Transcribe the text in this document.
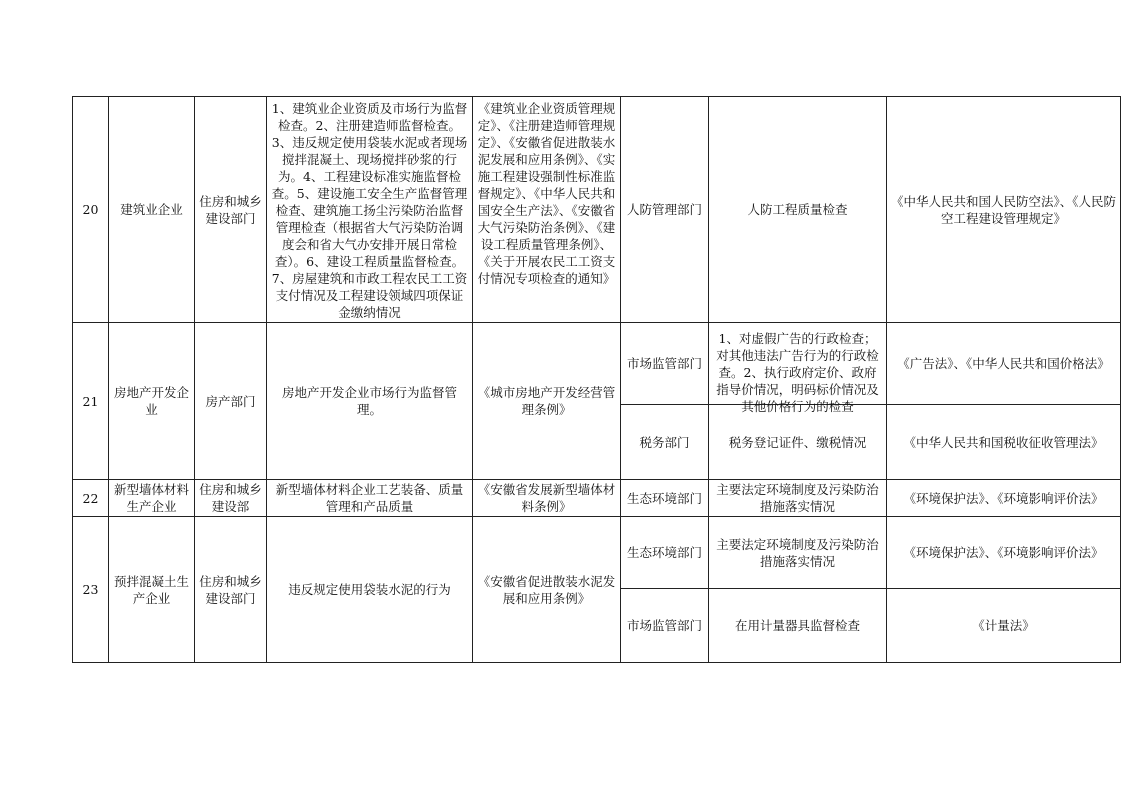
20	建筑业企业	住房和城乡建设部门	1、建筑业企业资质及市场行为监督检查。2、注册建造师监督检查。3、违反规定使用袋装水泥或者现场搅拌混凝土、现场搅拌砂浆的行为。4、工程建设标准实施监督检查。5、建设施工安全生产监督管理检查、建筑施工扬尘污染防治监督管理检查（根据省大气污染防治调度会和省大气办安排开展日常检查）。6、建设工程质量监督检查。7、房屋建筑和市政工程农民工工资支付情况及工程建设领域四项保证金缴纳情况	《建筑业企业资质管理规定》、《注册建造师管理规定》、《安徽省促进散装水泥发展和应用条例》、《实施工程建设强制性标准监督规定》、《中华人民共和国安全生产法》、《安徽省大气污染防治条例》、《建设工程质量管理条例》、《关于开展农民工工资支付情况专项检查的通知》	人防管理部门	人防工程质量检查	《中华人民共和国人民防空法》、《人民防空工程建设管理规定》
21	房地产开发企业	房产部门	房地产开发企业市场行为监督管理。	《城市房地产开发经营管理条例》	市场监管部门	1、对虚假广告的行政检查；对其他违法广告行为的行政检查。2、执行政府定价、政府指导价情况，明码标价情况及其他价格行为的检查	《广告法》、《中华人民共和国价格法》
					税务部门	税务登记证件、缴税情况	《中华人民共和国税收征收管理法》
22	新型墙体材料生产企业	住房和城乡建设部	新型墙体材料企业工艺装备、质量管理和产品质量	《安徽省发展新型墙体材料条例》	生态环境部门	主要法定环境制度及污染防治措施落实情况	《环境保护法》、《环境影响评价法》
23	预拌混凝土生产企业	住房和城乡建设部门	违反规定使用袋装水泥的行为	《安徽省促进散装水泥发展和应用条例》	生态环境部门	主要法定环境制度及污染防治措施落实情况	《环境保护法》、《环境影响评价法》
					市场监管部门	在用计量器具监督检查	《计量法》
